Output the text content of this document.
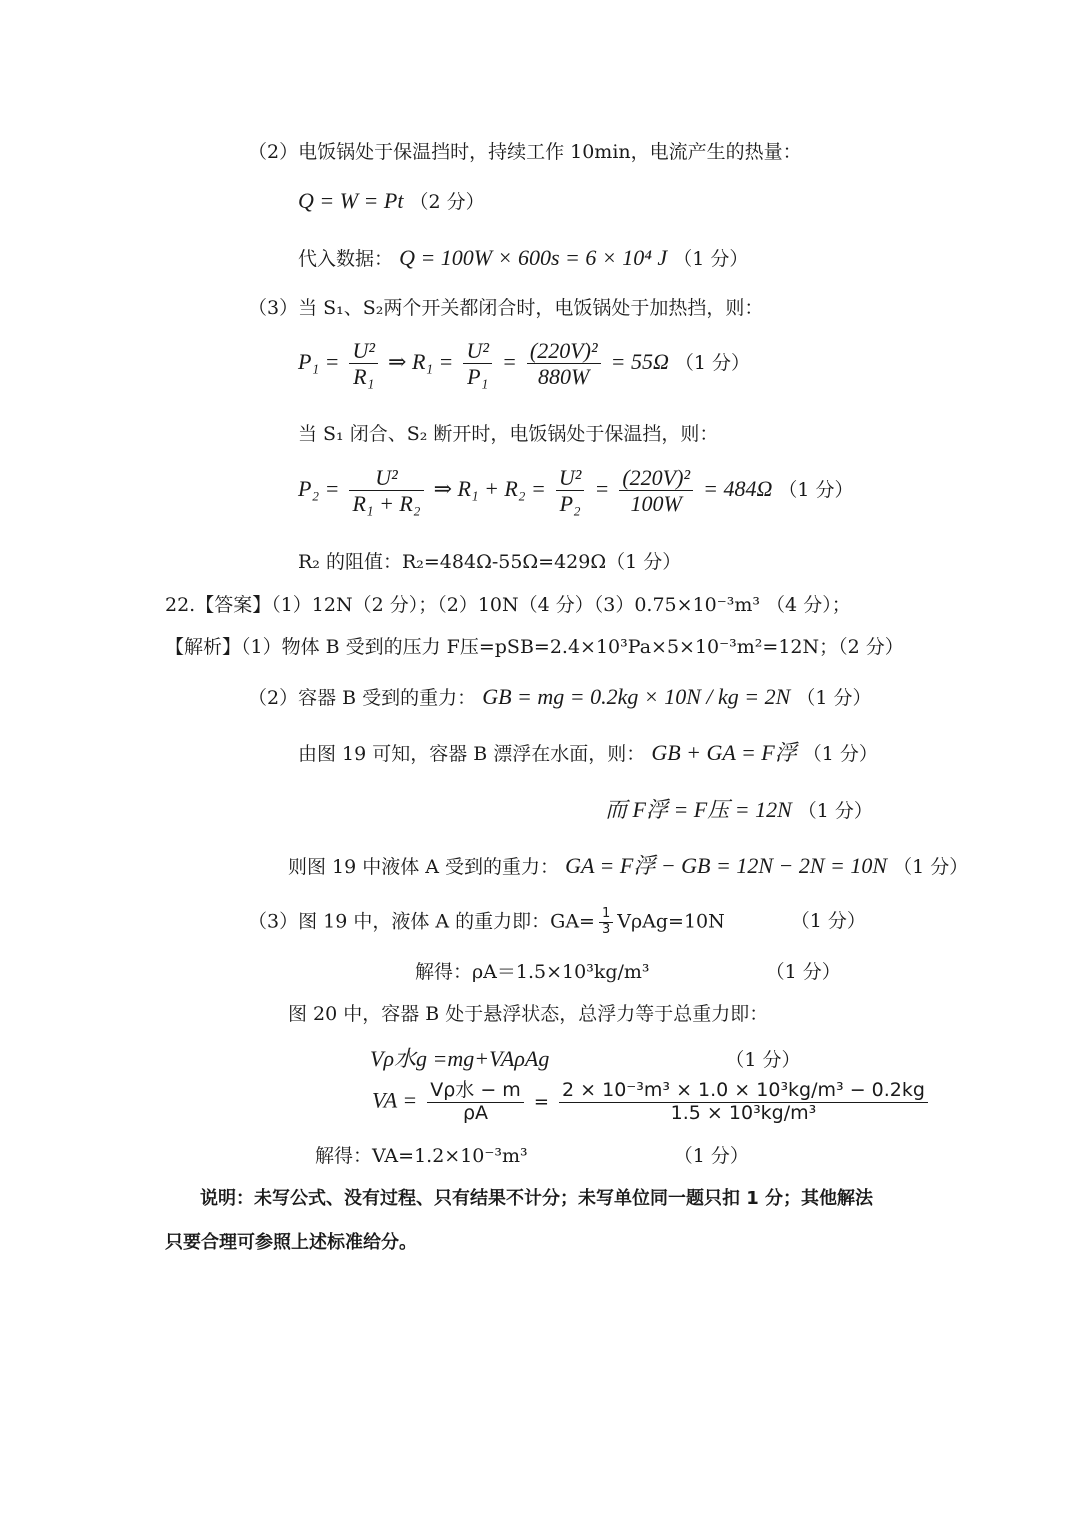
（2）电饭锅处于保温挡时，持续工作 10min，电流产生的热量：
Q = W = Pt （2 分）
代入数据： Q = 100W × 600s = 6 × 10⁴ J （1 分）
（3）当 S₁、S₂两个开关都闭合时，电饭锅处于加热挡，则：
$P_1 = \frac{\text{U²}}{\text{R₁}}$ ⇒ $R_1 = \frac{\text{U²}}{\text{P₁}} = \frac{\text{(220V)²}}{880W} = 55\Omega$ （1 分）
当 S₁ 闭合、S₂ 断开时，电饭锅处于保温挡，则：
$P_2 = \frac{\text{U²}}{\text{R₁ + R₂}}$ ⇒ $R_1 + R_2 = \frac{\text{U²}}{\text{P₂}} = \frac{\text{(220V)²}}{100W} = 484\Omega$ （1 分）
R₂ 的阻值：R₂=484Ω-55Ω=429Ω（1 分）
22.【答案】（1）12N（2 分）；（2）10N（4 分）（3）0.75×10⁻³m³ （4 分）；
【解析】（1）物体 B 受到的压力 F压=pSB=2.4×10³Pa×5×10⁻³m²=12N；（2 分）
（2）容器 B 受到的重力： GB = mg = 0.2kg × 10N / kg = 2N （1 分）
由图 19 可知，容器 B 漂浮在水面，则： GB + GA = F浮 （1 分）
而 F浮 = F压 = 12N （1 分）
则图 19 中液体 A 受到的重力： GA = F浮 − GB = 12N − 2N = 10N （1 分）
（3）图 19 中，液体 A 的重力即：$GA= \frac{1}{3} V\rho Ag=10N$	（1 分）
解得：ρA＝1.5×10³kg/m³	（1 分）
图 20 中，容器 B 处于悬浮状态，总浮力等于总重力即：
Vρ水g =mg+VAρAg	（1 分）
VA = $\frac{\text{Vρ水 − m}}{\rho A} = \frac{\text{2 × 10⁻³m³ × 1.0 × 10³kg/m³ − 0.2kg}}{\text{1.5 × 10³kg/m³}}$
解得：VA=1.2×10⁻³m³	（1 分）
说明：未写公式、没有过程、只有结果不计分；未写单位同一题只扣 1 分；其他解法
只要合理可参照上述标准给分。
